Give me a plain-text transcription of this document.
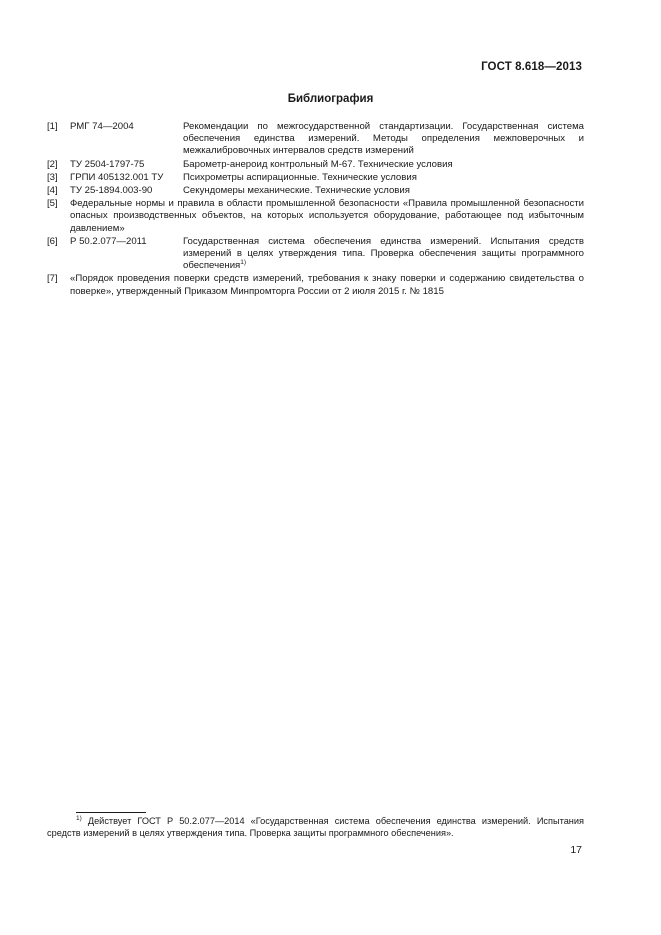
ГОСТ 8.618—2013
Библиография
[1]	РМГ 74—2004	Рекомендации по межгосударственной стандартизации. Государственная система обеспечения единства измерений. Методы определения межповерочных и межкалибровочных интервалов средств измерений
[2]	ТУ 2504-1797-75	Барометр-анероид контрольный М-67. Технические условия
[3]	ГРПИ 405132.001 ТУ	Психрометры аспирационные. Технические условия
[4]	ТУ 25-1894.003-90	Секундомеры механические. Технические условия
[5]	Федеральные нормы и правила в области промышленной безопасности «Правила промышленной безопасности опасных производственных объектов, на которых используется оборудование, работающее под избыточным давлением»
[6]	Р 50.2.077—2011	Государственная система обеспечения единства измерений. Испытания средств измерений в целях утверждения типа. Проверка обеспечения защиты программного обеспечения$^{1)}$
[7]	«Порядок проведения поверки средств измерений, требования к знаку поверки и содержанию свидетельства о поверке», утвержденный Приказом Минпромторга России от 2 июля 2015 г. № 1815
$^{1)}$ Действует ГОСТ Р 50.2.077—2014 «Государственная система обеспечения единства измерений. Испытания средств измерений в целях утверждения типа. Проверка защиты программного обеспечения».
17
